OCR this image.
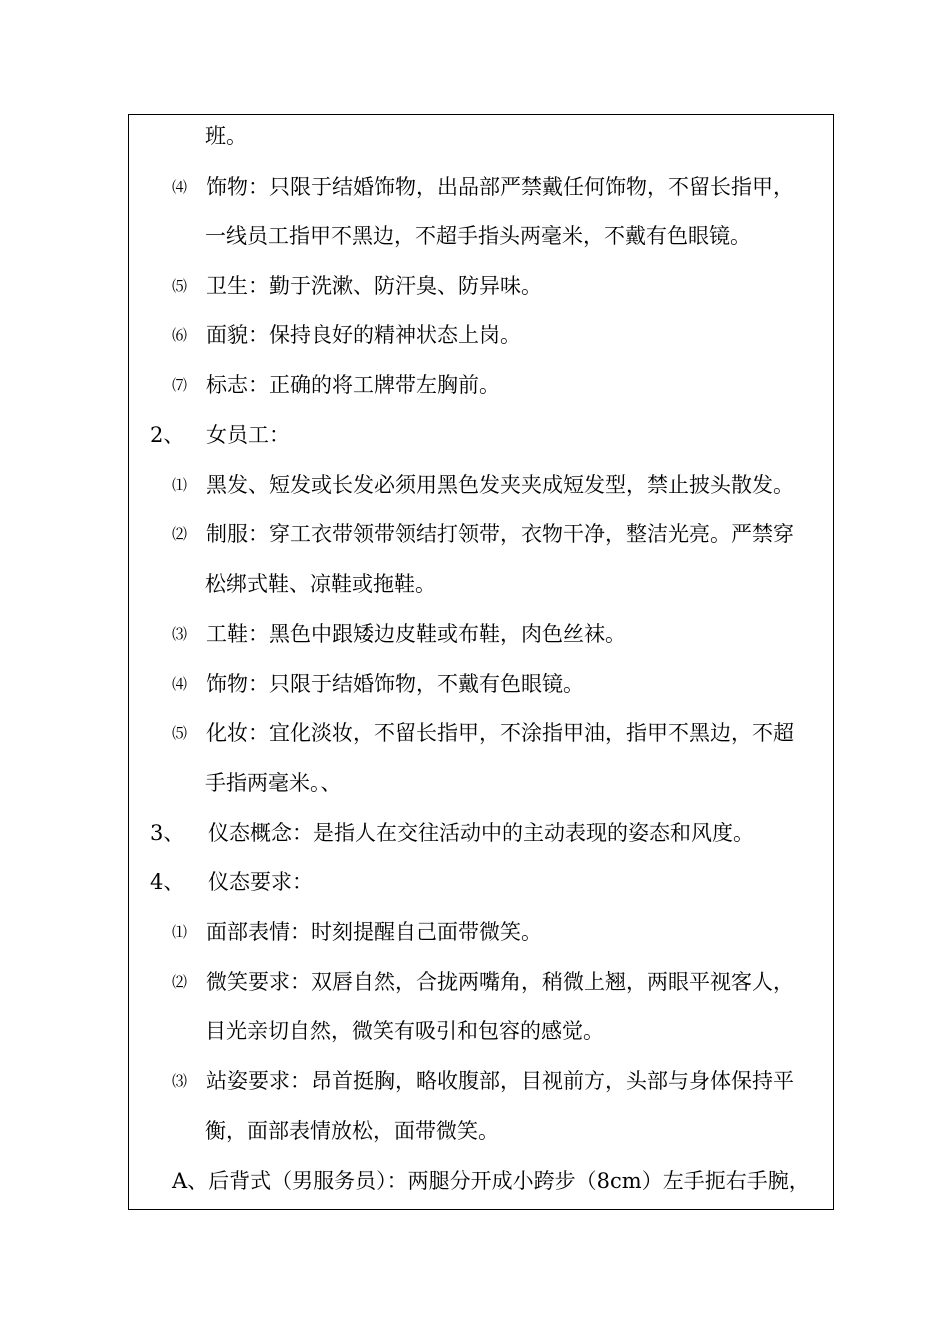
班。
⑷ 饰物：只限于结婚饰物，出品部严禁戴任何饰物，不留长指甲，
一线员工指甲不黑边，不超手指头两毫米，不戴有色眼镜。
⑸ 卫生：勤于洗漱、防汗臭、防异味。
⑹ 面貌：保持良好的精神状态上岗。
⑺ 标志：正确的将工牌带左胸前。
2、 女员工：
⑴ 黑发、短发或长发必须用黑色发夹夹成短发型，禁止披头散发。
⑵ 制服：穿工衣带领带领结打领带，衣物干净，整洁光亮。严禁穿
松绑式鞋、凉鞋或拖鞋。
⑶ 工鞋：黑色中跟矮边皮鞋或布鞋，肉色丝袜。
⑷ 饰物：只限于结婚饰物，不戴有色眼镜。
⑸ 化妆：宜化淡妆，不留长指甲，不涂指甲油，指甲不黑边，不超
手指两毫米。、
3、 仪态概念：是指人在交往活动中的主动表现的姿态和风度。
4、 仪态要求：
⑴ 面部表情：时刻提醒自己面带微笑。
⑵ 微笑要求：双唇自然，合拢两嘴角，稍微上翘，两眼平视客人，
目光亲切自然，微笑有吸引和包容的感觉。
⑶ 站姿要求：昂首挺胸，略收腹部，目视前方，头部与身体保持平
衡，面部表情放松，面带微笑。
A、后背式（男服务员）：两腿分开成小跨步（8cm）左手扼右手腕，
